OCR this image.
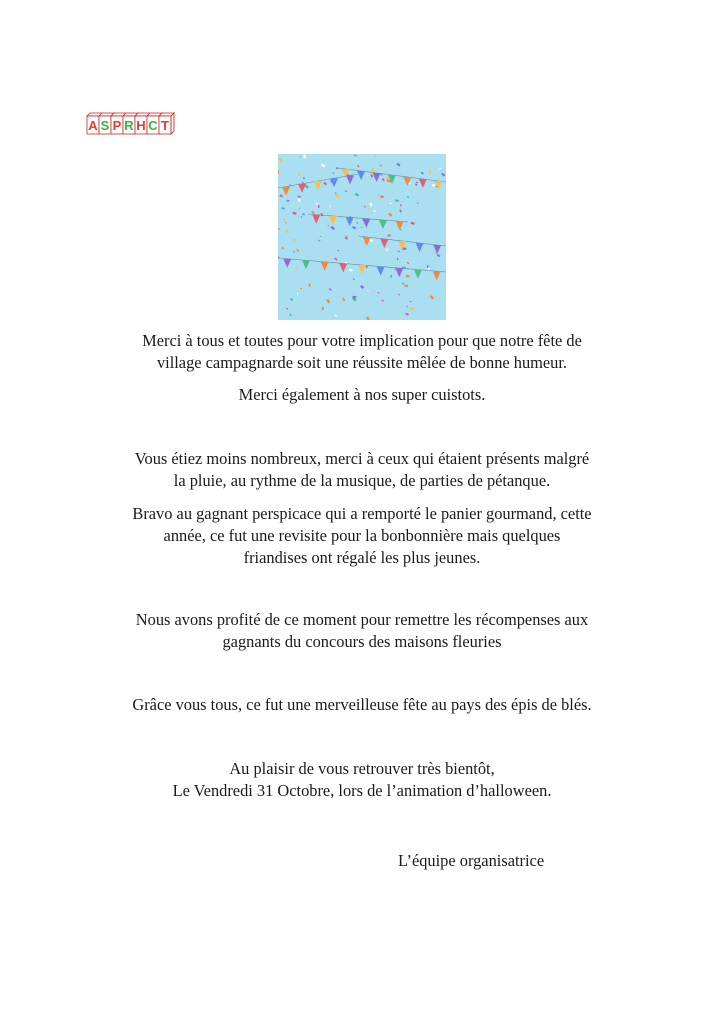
A S P R H C T

Merci à tous et toutes pour votre implication pour que notre fête de
village campagnarde soit une réussite mêlée de bonne humeur.

Merci également à nos super cuistots.

Vous étiez moins nombreux, merci à ceux qui étaient présents malgré
la pluie, au rythme de la musique, de parties de pétanque.

Bravo au gagnant perspicace qui a remporté le panier gourmand, cette
année, ce fut une revisite pour la bonbonnière mais quelques
friandises ont régalé les plus jeunes.

Nous avons profité de ce moment pour remettre les récompenses aux
gagnants du concours des maisons fleuries

Grâce vous tous, ce fut une merveilleuse fête au pays des épis de blés.

Au plaisir de vous retrouver très bientôt,
Le Vendredi 31 Octobre, lors de l’animation d’halloween.

L’équipe organisatrice
